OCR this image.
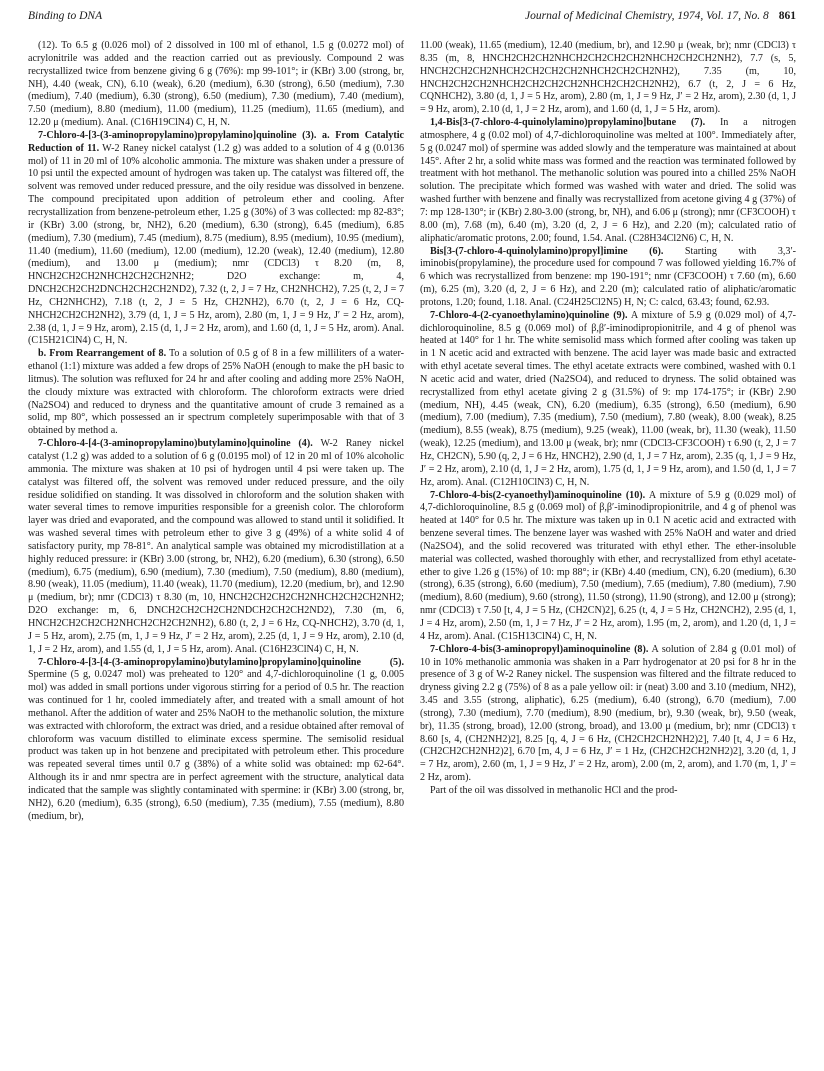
Binding to DNA	Journal of Medicinal Chemistry, 1974, Vol. 17, No. 8 861

(12). To 6.5 g (0.026 mol) of 2 dissolved in 100 ml of ethanol, 1.5 g (0.0272 mol) of acrylonitrile was added and the reaction carried out as previously. Compound 2 was recrystallized twice from benzene giving 6 g (76%): mp 99-101°; ir (KBr) 3.00 (strong, br, NH), 4.40 (weak, CN), 6.10 (weak), 6.20 (medium), 6.30 (strong), 6.50 (medium), 7.30 (medium), 7.40 (medium), 6.30 (strong), 6.50 (medium), 7.30 (medium), 7.40 (medium), 7.50 (medium), 8.80 (medium), 11.00 (medium), 11.25 (medium), 11.65 (medium), and 12.20 μ (medium). Anal. (C16H19ClN4) C, H, N.

7-Chloro-4-[3-(3-aminopropylamino)propylamino]quinoline (3). a. From Catalytic Reduction of 11. W-2 Raney nickel catalyst (1.2 g) was added to a solution of 4 g (0.0136 mol) of 11 in 20 ml of 10% alcoholic ammonia. The mixture was shaken under a pressure of 10 psi until the expected amount of hydrogen was taken up. The catalyst was filtered off, the solvent was removed under reduced pressure, and the oily residue was dissolved in benzene. The compound precipitated upon addition of petroleum ether and cooling. After recrystallization from benzene-petroleum ether, 1.25 g (30%) of 3 was collected: mp 82-83°; ir (KBr) 3.00 (strong, br, NH2), 6.20 (medium), 6.30 (strong), 6.45 (medium), 6.85 (medium), 7.30 (medium), 7.45 (medium), 8.75 (medium), 8.95 (medium), 10.95 (medium), 11.40 (medium), 11.60 (medium), 12.00 (medium), 12.20 (weak), 12.40 (medium), 12.80 (medium), and 13.00 μ (medium); nmr (CDCl3) τ 8.20 (m, 8, HNCH2CH2CH2NHCH2CH2CH2NH2; D2O exchange: m, 4, DNCH2CH2CH2DNCH2CH2CH2ND2), 7.32 (t, 2, J = 7 Hz, CH2NHCH2), 7.25 (t, 2, J = 7 Hz, CH2NHCH2), 7.18 (t, 2, J = 5 Hz, CH2NH2), 6.70 (t, 2, J = 6 Hz, CQ-NHCH2CH2CH2NH2), 3.79 (d, 1, J = 5 Hz, arom), 2.80 (m, 1, J = 9 Hz, J′ = 2 Hz, arom), 2.38 (d, 1, J = 9 Hz, arom), 2.15 (d, 1, J = 2 Hz, arom), and 1.60 (d, 1, J = 5 Hz, arom). Anal. (C15H21ClN4) C, H, N.

b. From Rearrangement of 8. To a solution of 0.5 g of 8 in a few milliliters of a water-ethanol (1:1) mixture was added a few drops of 25% NaOH (enough to make the pH basic to litmus). The solution was refluxed for 24 hr and after cooling and adding more 25% NaOH, the cloudy mixture was extracted with chloroform. The chloroform extracts were dried (Na2SO4) and reduced to dryness and the quantitative amount of crude 3 remained as a solid, mp 80°, which possessed an ir spectrum completely superimposable with that of 3 obtained by method a.

7-Chloro-4-[4-(3-aminopropylamino)butylamino]quinoline (4). W-2 Raney nickel catalyst (1.2 g) was added to a solution of 6 g (0.0195 mol) of 12 in 20 ml of 10% alcoholic ammonia. The mixture was shaken at 10 psi of hydrogen until 4 psi were taken up. The catalyst was filtered off, the solvent was removed under reduced pressure, and the oily residue solidified on standing. It was dissolved in chloroform and the solution shaken with water several times to remove impurities responsible for a greenish color. The chloroform layer was dried and evaporated, and the compound was allowed to stand until it solidified. It was washed several times with petroleum ether to give 3 g (49%) of a white solid 4 of satisfactory purity, mp 78-81°. An analytical sample was obtained my microdistillation at a highly reduced pressure: ir (KBr) 3.00 (strong, br, NH2), 6.20 (medium), 6.30 (strong), 6.50 (medium), 6.75 (medium), 6.90 (medium), 7.30 (medium), 7.50 (medium), 8.80 (medium), 8.90 (weak), 11.05 (medium), 11.40 (weak), 11.70 (medium), 12.20 (medium, br), and 12.90 μ (medium, br); nmr (CDCl3) τ 8.30 (m, 10, HNCH2CH2CH2CH2NHCH2CH2CH2NH2; D2O exchange: m, 6, DNCH2CH2CH2CH2NDCH2CH2CH2ND2), 7.30 (m, 6, HNCH2CH2CH2CH2NHCH2CH2CH2NH2), 6.80 (t, 2, J = 6 Hz, CQ-NHCH2), 3.70 (d, 1, J = 5 Hz, arom), 2.75 (m, 1, J = 9 Hz, J′ = 2 Hz, arom), 2.25 (d, 1, J = 9 Hz, arom), 2.10 (d, 1, J = 2 Hz, arom), and 1.55 (d, 1, J = 5 Hz, arom). Anal. (C16H23ClN4) C, H, N.

7-Chloro-4-[3-[4-(3-aminopropylamino)butylamino]propylamino]quinoline (5). Spermine (5 g, 0.0247 mol) was preheated to 120° and 4,7-dichloroquinoline (1 g, 0.005 mol) was added in small portions under vigorous stirring for a period of 0.5 hr. The reaction was continued for 1 hr, cooled immediately after, and treated with a small amount of hot methanol. After the addition of water and 25% NaOH to the methanolic solution, the mixture was extracted with chloroform, the extract was dried, and a residue obtained after removal of chloroform was vacuum distilled to eliminate excess spermine. The semisolid residual product was taken up in hot benzene and precipitated with petroleum ether. This procedure was repeated several times until 0.7 g (38%) of a white solid was obtained: mp 62-64°. Although its ir and nmr spectra are in perfect agreement with the structure, analytical data indicated that the sample was slightly contaminated with spermine: ir (KBr) 3.00 (strong, br, NH2), 6.20 (medium), 6.35 (strong), 6.50 (medium), 7.35 (medium), 7.55 (medium), 8.80 (medium, br),

11.00 (weak), 11.65 (medium), 12.40 (medium, br), and 12.90 μ (weak, br); nmr (CDCl3) τ 8.35 (m, 8, HNCH2CH2CH2NHCH2CH2CH2CH2NHCH2CH2CH2NH2), 7.7 (s, 5, HNCH2CH2CH2NHCH2CH2CH2CH2NHCH2CH2CH2NH2), 7.35 (m, 10, HNCH2CH2CH2NHCH2CH2CH2CH2NHCH2CH2CH2NH2), 6.7 (t, 2, J = 6 Hz, CQNHCH2), 3.80 (d, 1, J = 5 Hz, arom), 2.80 (m, 1, J = 9 Hz, J′ = 2 Hz, arom), 2.30 (d, 1, J = 9 Hz, arom), 2.10 (d, 1, J = 2 Hz, arom), and 1.60 (d, 1, J = 5 Hz, arom).

1,4-Bis[3-(7-chloro-4-quinolylamino)propylamino]butane (7). In a nitrogen atmosphere, 4 g (0.02 mol) of 4,7-dichloroquinoline was melted at 100°. Immediately after, 5 g (0.0247 mol) of spermine was added slowly and the temperature was maintained at about 145°. After 2 hr, a solid white mass was formed and the reaction was terminated followed by treatment with hot methanol. The methanolic solution was poured into a chilled 25% NaOH solution. The precipitate which formed was washed with water and dried. The solid was washed further with benzene and finally was recrystallized from acetone giving 4 g (37%) of 7: mp 128-130°; ir (KBr) 2.80-3.00 (strong, br, NH), and 6.06 μ (strong); nmr (CF3COOH) τ 8.00 (m), 7.68 (m), 6.40 (m), 3.20 (d, 2, J = 6 Hz), and 2.20 (m); calculated ratio of aliphatic/aromatic protons, 2.00; found, 1.54. Anal. (C28H34Cl2N6) C, H, N.

Bis[3-(7-chloro-4-quinolylamino)propyl]imine (6). Starting with 3,3′-iminobis(propylamine), the procedure used for compound 7 was followed yielding 16.7% of 6 which was recrystallized from benzene: mp 190-191°; nmr (CF3COOH) τ 7.60 (m), 6.60 (m), 6.25 (m), 3.20 (d, 2, J = 6 Hz), and 2.20 (m); calculated ratio of aliphatic/aromatic protons, 1.20; found, 1.18. Anal. (C24H25Cl2N5) H, N; C: calcd, 63.43; found, 62.93.

7-Chloro-4-(2-cyanoethylamino)quinoline (9). A mixture of 5.9 g (0.029 mol) of 4,7-dichloroquinoline, 8.5 g (0.069 mol) of β,β′-iminodipropionitrile, and 4 g of phenol was heated at 140° for 1 hr. The white semisolid mass which formed after cooling was taken up in 1 N acetic acid and extracted with benzene. The acid layer was made basic and extracted with ethyl acetate several times. The ethyl acetate extracts were combined, washed with 0.1 N acetic acid and water, dried (Na2SO4), and reduced to dryness. The solid obtained was recrystallized from ethyl acetate giving 2 g (31.5%) of 9: mp 174-175°; ir (KBr) 2.90 (medium, NH), 4.45 (weak, CN), 6.20 (medium), 6.35 (strong), 6.50 (medium), 6.90 (medium), 7.00 (medium), 7.35 (medium), 7.50 (medium), 7.80 (weak), 8.00 (weak), 8.25 (medium), 8.55 (weak), 8.75 (medium), 9.25 (weak), 11.00 (weak, br), 11.30 (weak), 11.50 (weak), 12.25 (medium), and 13.00 μ (weak, br); nmr (CDCl3-CF3COOH) τ 6.90 (t, 2, J = 7 Hz, CH2CN), 5.90 (q, 2, J = 6 Hz, HNCH2), 2.90 (d, 1, J = 7 Hz, arom), 2.35 (q, 1, J = 9 Hz, J′ = 2 Hz, arom), 2.10 (d, 1, J = 2 Hz, arom), 1.75 (d, 1, J = 9 Hz, arom), and 1.50 (d, 1, J = 7 Hz, arom). Anal. (C12H10ClN3) C, H, N.

7-Chloro-4-bis(2-cyanoethyl)aminoquinoline (10). A mixture of 5.9 g (0.029 mol) of 4,7-dichloroquinoline, 8.5 g (0.069 mol) of β,β′-iminodipropionitrile, and 4 g of phenol was heated at 140° for 0.5 hr. The mixture was taken up in 0.1 N acetic acid and extracted with benzene several times. The benzene layer was washed with 25% NaOH and water and dried (Na2SO4), and the solid recovered was triturated with ethyl ether. The ether-insoluble material was collected, washed thoroughly with ether, and recrystallized from ethyl acetate-ether to give 1.26 g (15%) of 10: mp 88°; ir (KBr) 4.40 (medium, CN), 6.20 (medium), 6.30 (strong), 6.35 (strong), 6.60 (medium), 7.50 (medium), 7.65 (medium), 7.80 (medium), 7.90 (medium), 8.60 (medium), 9.60 (strong), 11.50 (strong), 11.90 (strong), and 12.00 μ (strong); nmr (CDCl3) τ 7.50 [t, 4, J = 5 Hz, (CH2CN)2], 6.25 (t, 4, J = 5 Hz, CH2NCH2), 2.95 (d, 1, J = 4 Hz, arom), 2.50 (m, 1, J = 7 Hz, J′ = 2 Hz, arom), 1.95 (m, 2, arom), and 1.20 (d, 1, J = 4 Hz, arom). Anal. (C15H13ClN4) C, H, N.

7-Chloro-4-bis(3-aminopropyl)aminoquinoline (8). A solution of 2.84 g (0.01 mol) of 10 in 10% methanolic ammonia was shaken in a Parr hydrogenator at 20 psi for 8 hr in the presence of 3 g of W-2 Raney nickel. The suspension was filtered and the filtrate reduced to dryness giving 2.2 g (75%) of 8 as a pale yellow oil: ir (neat) 3.00 and 3.10 (medium, NH2), 3.45 and 3.55 (strong, aliphatic), 6.25 (medium), 6.40 (strong), 6.70 (medium), 7.00 (strong), 7.30 (medium), 7.70 (medium), 8.90 (medium, br), 9.30 (weak, br), 9.50 (weak, br), 11.35 (strong, broad), 12.00 (strong, broad), and 13.00 μ (medium, br); nmr (CDCl3) τ 8.60 [s, 4, (CH2NH2)2], 8.25 [q, 4, J = 6 Hz, (CH2CH2CH2NH2)2], 7.40 [t, 4, J = 6 Hz, (CH2CH2CH2NH2)2], 6.70 [m, 4, J = 6 Hz, J′ = 1 Hz, (CH2CH2CH2NH2)2], 3.20 (d, 1, J = 7 Hz, arom), 2.60 (m, 1, J = 9 Hz, J′ = 2 Hz, arom), 2.00 (m, 2, arom), and 1.70 (m, 1, J′ = 2 Hz, arom).

Part of the oil was dissolved in methanolic HCl and the prod-
